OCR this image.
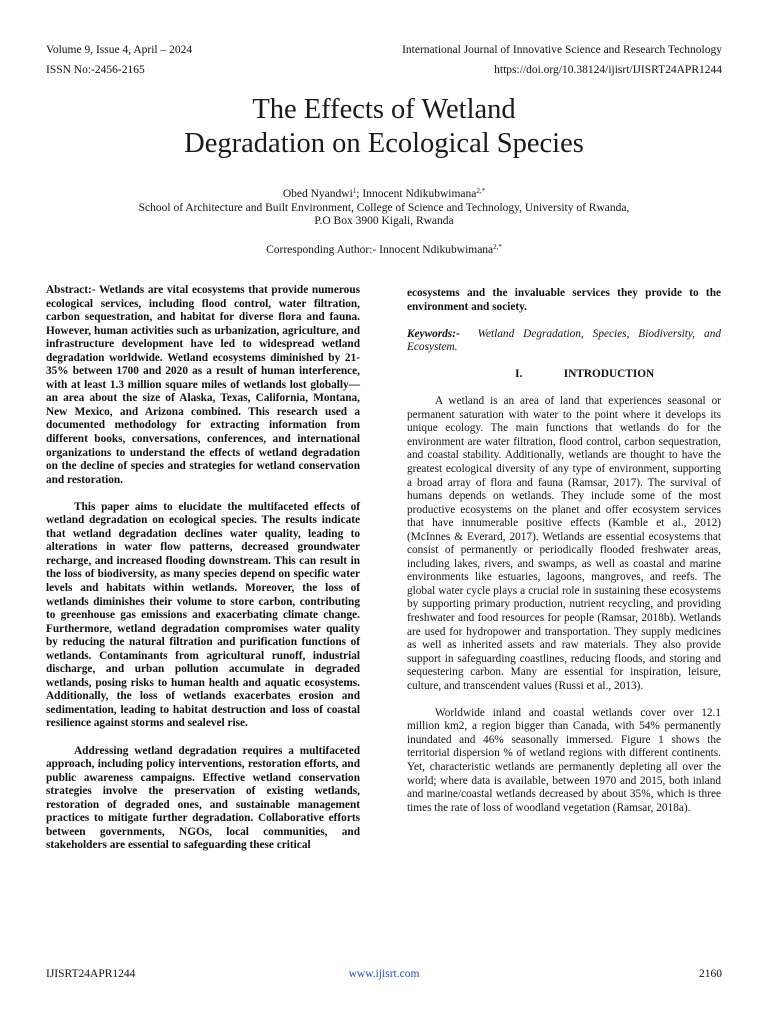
Volume 9, Issue 4, April – 2024	International Journal of Innovative Science and Research Technology
ISSN No:-2456-2165	https://doi.org/10.38124/ijisrt/IJISRT24APR1244
The Effects of Wetland
Degradation on Ecological Species
Obed Nyandwi$^1$; Innocent Ndikubwimana$^{2,*}$
School of Architecture and Built Environment, College of Science and Technology, University of Rwanda,
P.O Box 3900 Kigali, Rwanda
Corresponding Author:- Innocent Ndikubwimana$^{2,*}$

Abstract:- Wetlands are vital ecosystems that provide numerous ecological services, including flood control, water filtration, carbon sequestration, and habitat for diverse flora and fauna. However, human activities such as urbanization, agriculture, and infrastructure development have led to widespread wetland degradation worldwide. Wetland ecosystems diminished by 21-35% between 1700 and 2020 as a result of human interference, with at least 1.3 million square miles of wetlands lost globally—an area about the size of Alaska, Texas, California, Montana, New Mexico, and Arizona combined. This research used a documented methodology for extracting information from different books, conversations, conferences, and international organizations to understand the effects of wetland degradation on the decline of species and strategies for wetland conservation and restoration.

This paper aims to elucidate the multifaceted effects of wetland degradation on ecological species. The results indicate that wetland degradation declines water quality, leading to alterations in water flow patterns, decreased groundwater recharge, and increased flooding downstream. This can result in the loss of biodiversity, as many species depend on specific water levels and habitats within wetlands. Moreover, the loss of wetlands diminishes their volume to store carbon, contributing to greenhouse gas emissions and exacerbating climate change. Furthermore, wetland degradation compromises water quality by reducing the natural filtration and purification functions of wetlands. Contaminants from agricultural runoff, industrial discharge, and urban pollution accumulate in degraded wetlands, posing risks to human health and aquatic ecosystems. Additionally, the loss of wetlands exacerbates erosion and sedimentation, leading to habitat destruction and loss of coastal resilience against storms and sealevel rise.

Addressing wetland degradation requires a multifaceted approach, including policy interventions, restoration efforts, and public awareness campaigns. Effective wetland conservation strategies involve the preservation of existing wetlands, restoration of degraded ones, and sustainable management practices to mitigate further degradation. Collaborative efforts between governments, NGOs, local communities, and stakeholders are essential to safeguarding these critical

ecosystems and the invaluable services they provide to the environment and society.

Keywords:- Wetland Degradation, Species, Biodiversity, and Ecosystem.

I.	INTRODUCTION

A wetland is an area of land that experiences seasonal or permanent saturation with water to the point where it develops its unique ecology. The main functions that wetlands do for the environment are water filtration, flood control, carbon sequestration, and coastal stability. Additionally, wetlands are thought to have the greatest ecological diversity of any type of environment, supporting a broad array of flora and fauna (Ramsar, 2017). The survival of humans depends on wetlands. They include some of the most productive ecosystems on the planet and offer ecosystem services that have innumerable positive effects (Kamble et al., 2012) (McInnes & Everard, 2017). Wetlands are essential ecosystems that consist of permanently or periodically flooded freshwater areas, including lakes, rivers, and swamps, as well as coastal and marine environments like estuaries, lagoons, mangroves, and reefs. The global water cycle plays a crucial role in sustaining these ecosystems by supporting primary production, nutrient recycling, and providing freshwater and food resources for people (Ramsar, 2018b). Wetlands are used for hydropower and transportation. They supply medicines as well as inherited assets and raw materials. They also provide support in safeguarding coastlines, reducing floods, and storing and sequestering carbon. Many are essential for inspiration, leisure, culture, and transcendent values (Russi et al., 2013).

Worldwide inland and coastal wetlands cover over 12.1 million km2, a region bigger than Canada, with 54% permanently inundated and 46% seasonally immersed. Figure 1 shows the territorial dispersion % of wetland regions with different continents. Yet, characteristic wetlands are permanently depleting all over the world; where data is available, between 1970 and 2015, both inland and marine/coastal wetlands decreased by about 35%, which is three times the rate of loss of woodland vegetation (Ramsar, 2018a).

IJISRT24APR1244	www.ijisrt.com	2160
